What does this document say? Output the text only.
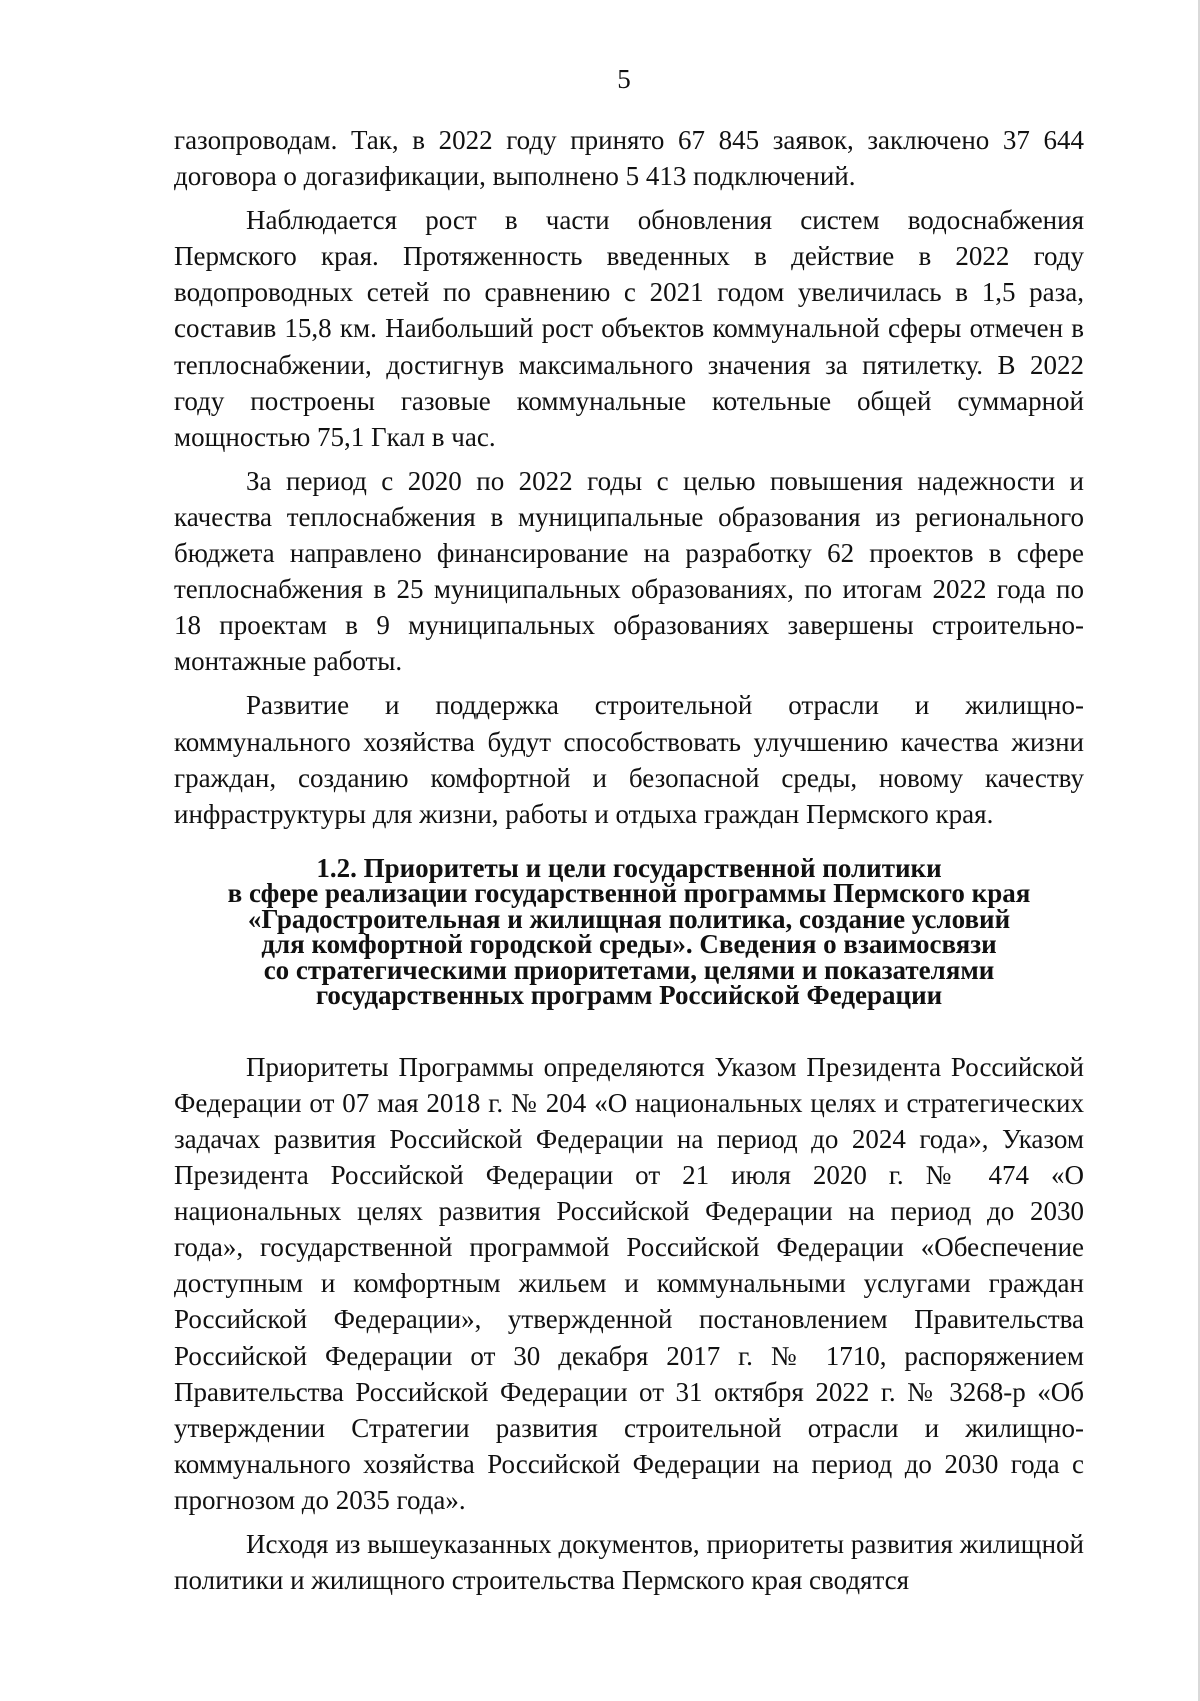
5

газопроводам. Так, в 2022 году принято 67 845 заявок, заключено 37 644 договора о догазификации, выполнено 5 413 подключений.

Наблюдается рост в части обновления систем водоснабжения Пермского края. Протяженность введенных в действие в 2022 году водопроводных сетей по сравнению с 2021 годом увеличилась в 1,5 раза, составив 15,8 км. Наибольший рост объектов коммунальной сферы отмечен в теплоснабжении, достигнув максимального значения за пятилетку. В 2022 году построены газовые коммунальные котельные общей суммарной мощностью 75,1 Гкал в час.

За период с 2020 по 2022 годы с целью повышения надежности и качества теплоснабжения в муниципальные образования из регионального бюджета направлено финансирование на разработку 62 проектов в сфере теплоснабжения в 25 муниципальных образованиях, по итогам 2022 года по 18 проектам в 9 муниципальных образованиях завершены строительно-монтажные работы.

Развитие и поддержка строительной отрасли и жилищно-коммунального хозяйства будут способствовать улучшению качества жизни граждан, созданию комфортной и безопасной среды, новому качеству инфраструктуры для жизни, работы и отдыха граждан Пермского края.

1.2. Приоритеты и цели государственной политики
в сфере реализации государственной программы Пермского края
«Градостроительная и жилищная политика, создание условий
для комфортной городской среды». Сведения о взаимосвязи
со стратегическими приоритетами, целями и показателями
государственных программ Российской Федерации

Приоритеты Программы определяются Указом Президента Российской Федерации от 07 мая 2018 г. № 204 «О национальных целях и стратегических задачах развития Российской Федерации на период до 2024 года», Указом Президента Российской Федерации от 21 июля 2020 г. № 474 «О национальных целях развития Российской Федерации на период до 2030 года», государственной программой Российской Федерации «Обеспечение доступным и комфортным жильем и коммунальными услугами граждан Российской Федерации», утвержденной постановлением Правительства Российской Федерации от 30 декабря 2017 г. № 1710, распоряжением Правительства Российской Федерации от 31 октября 2022 г. № 3268-р «Об утверждении Стратегии развития строительной отрасли и жилищно-коммунального хозяйства Российской Федерации на период до 2030 года с прогнозом до 2035 года».

Исходя из вышеуказанных документов, приоритеты развития жилищной политики и жилищного строительства Пермского края сводятся
